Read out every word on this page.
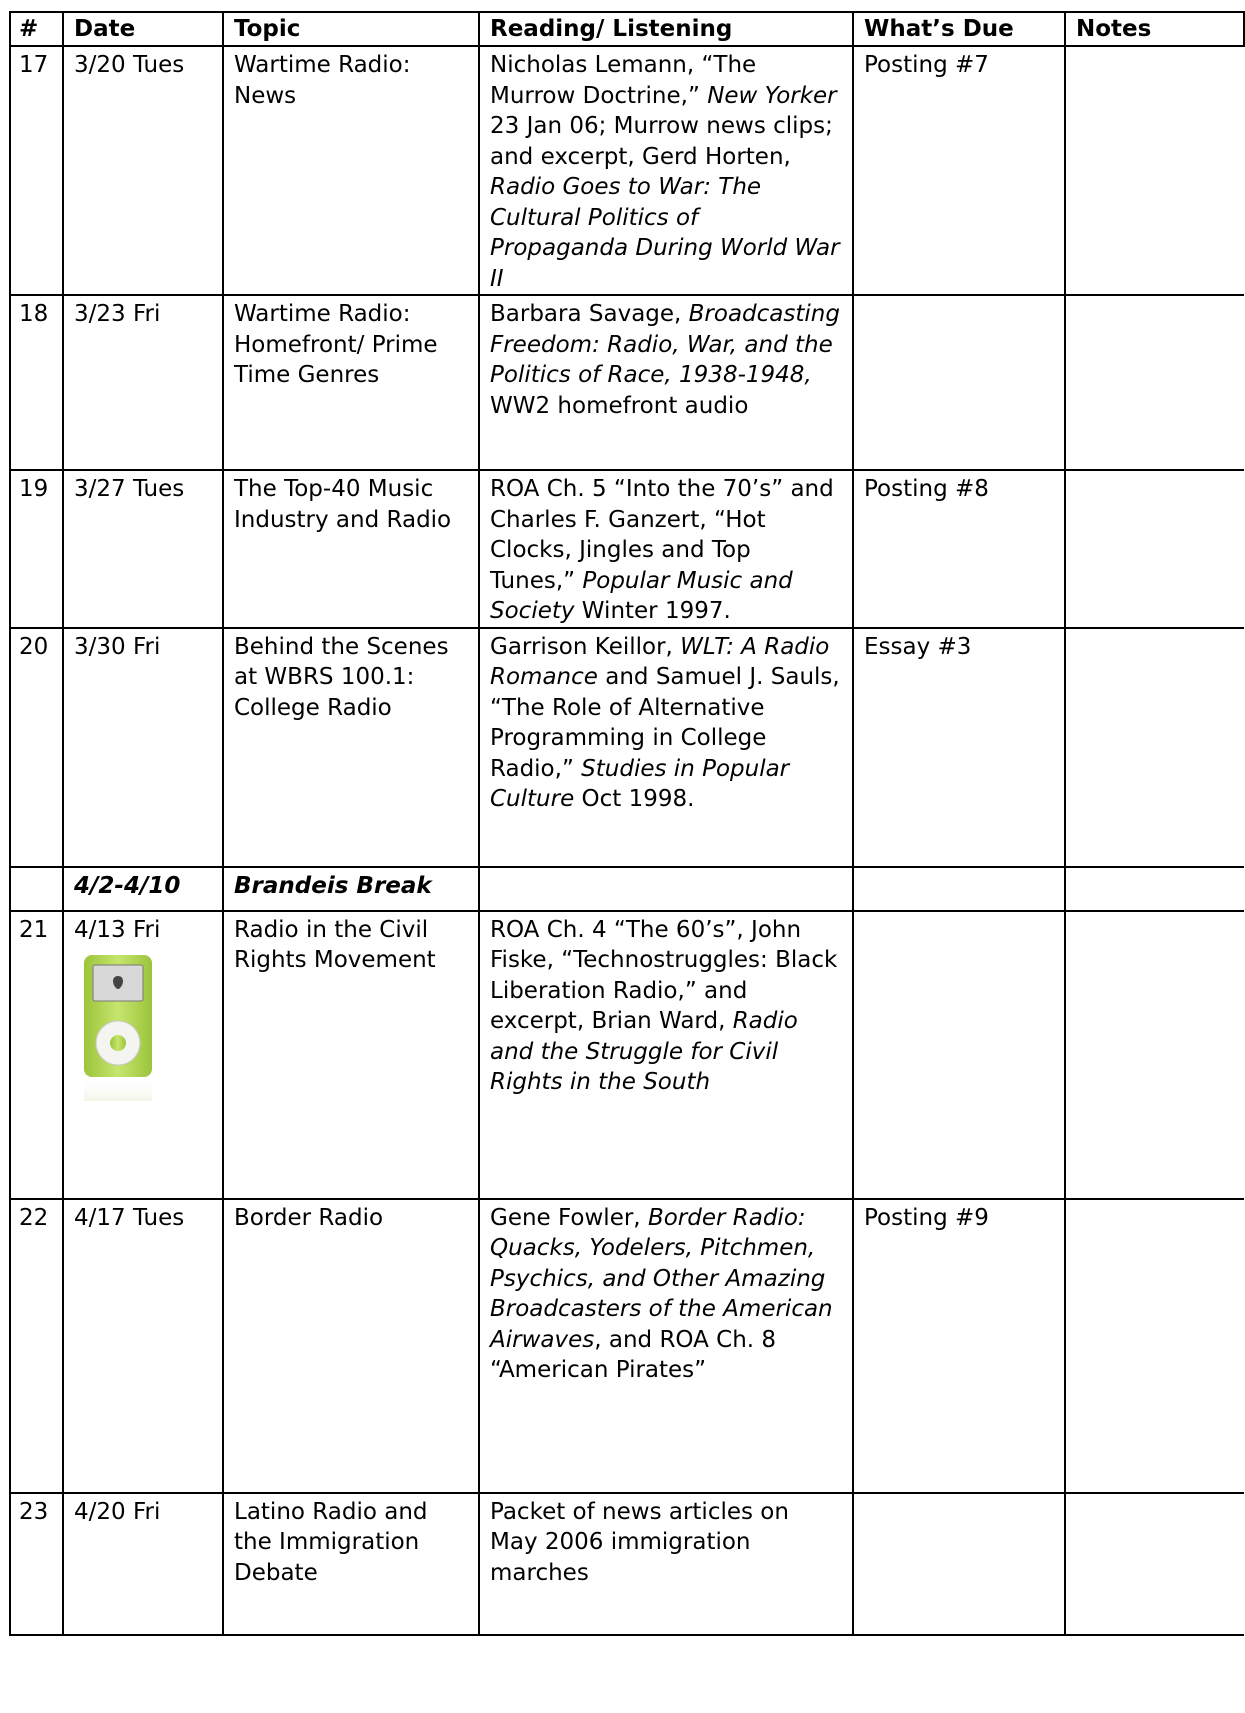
#	Date	Topic	Reading/ Listening	What’s Due	Notes
17	3/20 Tues	Wartime Radio: News	Nicholas Lemann, “The Murrow Doctrine,” New Yorker 23 Jan 06; Murrow news clips; and excerpt, Gerd Horten, Radio Goes to War: The Cultural Politics of Propaganda During World War II	Posting #7	
18	3/23 Fri	Wartime Radio: Homefront/ Prime Time Genres	Barbara Savage, Broadcasting Freedom: Radio, War, and the Politics of Race, 1938-1948, WW2 homefront audio		
19	3/27 Tues	The Top-40 Music Industry and Radio	ROA Ch. 5 “Into the 70’s” and Charles F. Ganzert, “Hot Clocks, Jingles and Top Tunes,” Popular Music and Society Winter 1997.	Posting #8	
20	3/30 Fri	Behind the Scenes at WBRS 100.1: College Radio	Garrison Keillor, WLT: A Radio Romance and Samuel J. Sauls, “The Role of Alternative Programming in College Radio,” Studies in Popular Culture Oct 1998.	Essay #3	
	4/2-4/10	Brandeis Break			
21	4/13 Fri	Radio in the Civil Rights Movement	ROA Ch. 4 “The 60’s”, John Fiske, “Technostruggles: Black Liberation Radio,” and excerpt, Brian Ward, Radio and the Struggle for Civil Rights in the South		
22	4/17 Tues	Border Radio	Gene Fowler, Border Radio: Quacks, Yodelers, Pitchmen, Psychics, and Other Amazing Broadcasters of the American Airwaves, and ROA Ch. 8 “American Pirates”	Posting #9	
23	4/20 Fri	Latino Radio and the Immigration Debate	Packet of news articles on May 2006 immigration marches		
